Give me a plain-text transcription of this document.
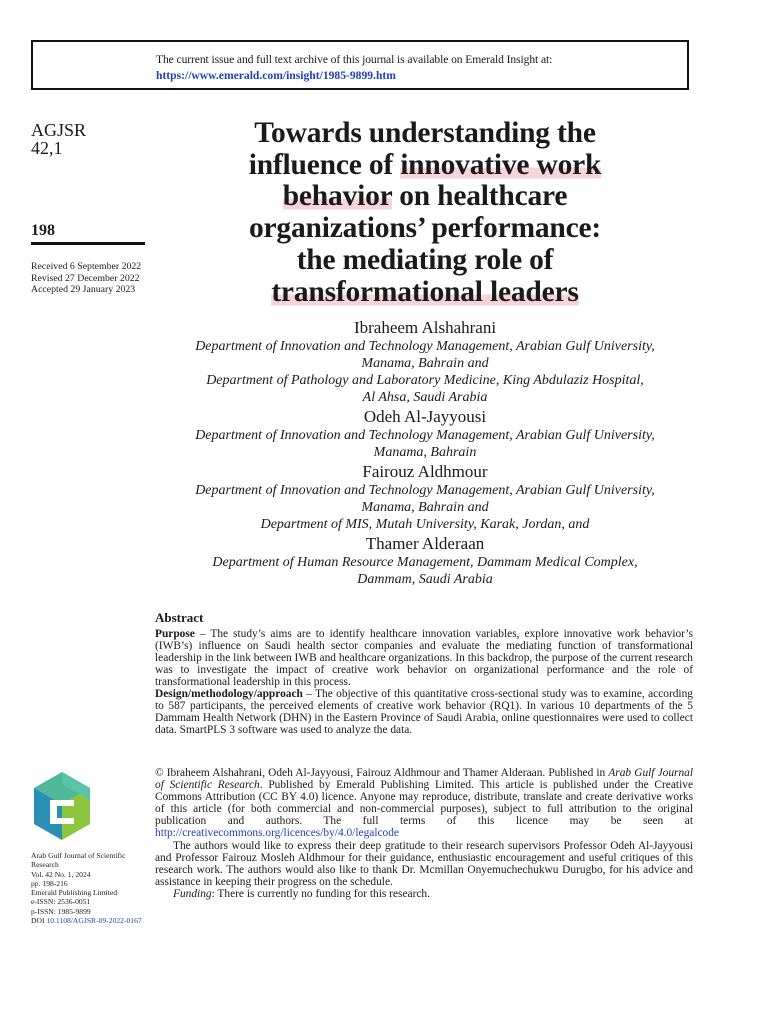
The current issue and full text archive of this journal is available on Emerald Insight at:
https://www.emerald.com/insight/1985-9899.htm
AGJSR
42,1
198
Received 6 September 2022
Revised 27 December 2022
Accepted 29 January 2023
Arab Gulf Journal of Scientific Research
Vol. 42 No. 1, 2024
pp. 198-216
Emerald Publishing Limited
e-ISSN: 2536-0051
p-ISSN: 1985-9899
DOI 10.1108/AGJSR-09-2022-0167
Towards understanding the
influence of innovative work
behavior on healthcare
organizations’ performance:
the mediating role of
transformational leaders
Ibraheem Alshahrani
Department of Innovation and Technology Management, Arabian Gulf University,
Manama, Bahrain and
Department of Pathology and Laboratory Medicine, King Abdulaziz Hospital,
Al Ahsa, Saudi Arabia
Odeh Al-Jayyousi
Department of Innovation and Technology Management, Arabian Gulf University,
Manama, Bahrain
Fairouz Aldhmour
Department of Innovation and Technology Management, Arabian Gulf University,
Manama, Bahrain and
Department of MIS, Mutah University, Karak, Jordan, and
Thamer Alderaan
Department of Human Resource Management, Dammam Medical Complex,
Dammam, Saudi Arabia
Abstract

Purpose – The study’s aims are to identify healthcare innovation variables, explore innovative work behavior’s (IWB’s) influence on Saudi health sector companies and evaluate the mediating function of transformational leadership in the link between IWB and healthcare organizations. In this backdrop, the purpose of the current research was to investigate the impact of creative work behavior on organizational performance and the role of transformational leadership in this process.

Design/methodology/approach – The objective of this quantitative cross-sectional study was to examine, according to 587 participants, the perceived elements of creative work behavior (RQ1). In various 10 departments of the 5 Dammam Health Network (DHN) in the Eastern Province of Saudi Arabia, online questionnaires were used to collect data. SmartPLS 3 software was used to analyze the data.

© Ibraheem Alshahrani, Odeh Al-Jayyousi, Fairouz Aldhmour and Thamer Alderaan. Published in Arab Gulf Journal of Scientific Research. Published by Emerald Publishing Limited. This article is published under the Creative Commons Attribution (CC BY 4.0) licence. Anyone may reproduce, distribute, translate and create derivative works of this article (for both commercial and non-commercial purposes), subject to full attribution to the original publication and authors. The full terms of this licence may be seen at http://creativecommons.org/licences/by/4.0/legalcode

The authors would like to express their deep gratitude to their research supervisors Professor Odeh Al-Jayyousi and Professor Fairouz Mosleh Aldhmour for their guidance, enthusiastic encouragement and useful critiques of this research work. The authors would also like to thank Dr. Mcmillan Onyemuchechukwu Durugbo, for his advice and assistance in keeping their progress on the schedule.

Funding: There is currently no funding for this research.
